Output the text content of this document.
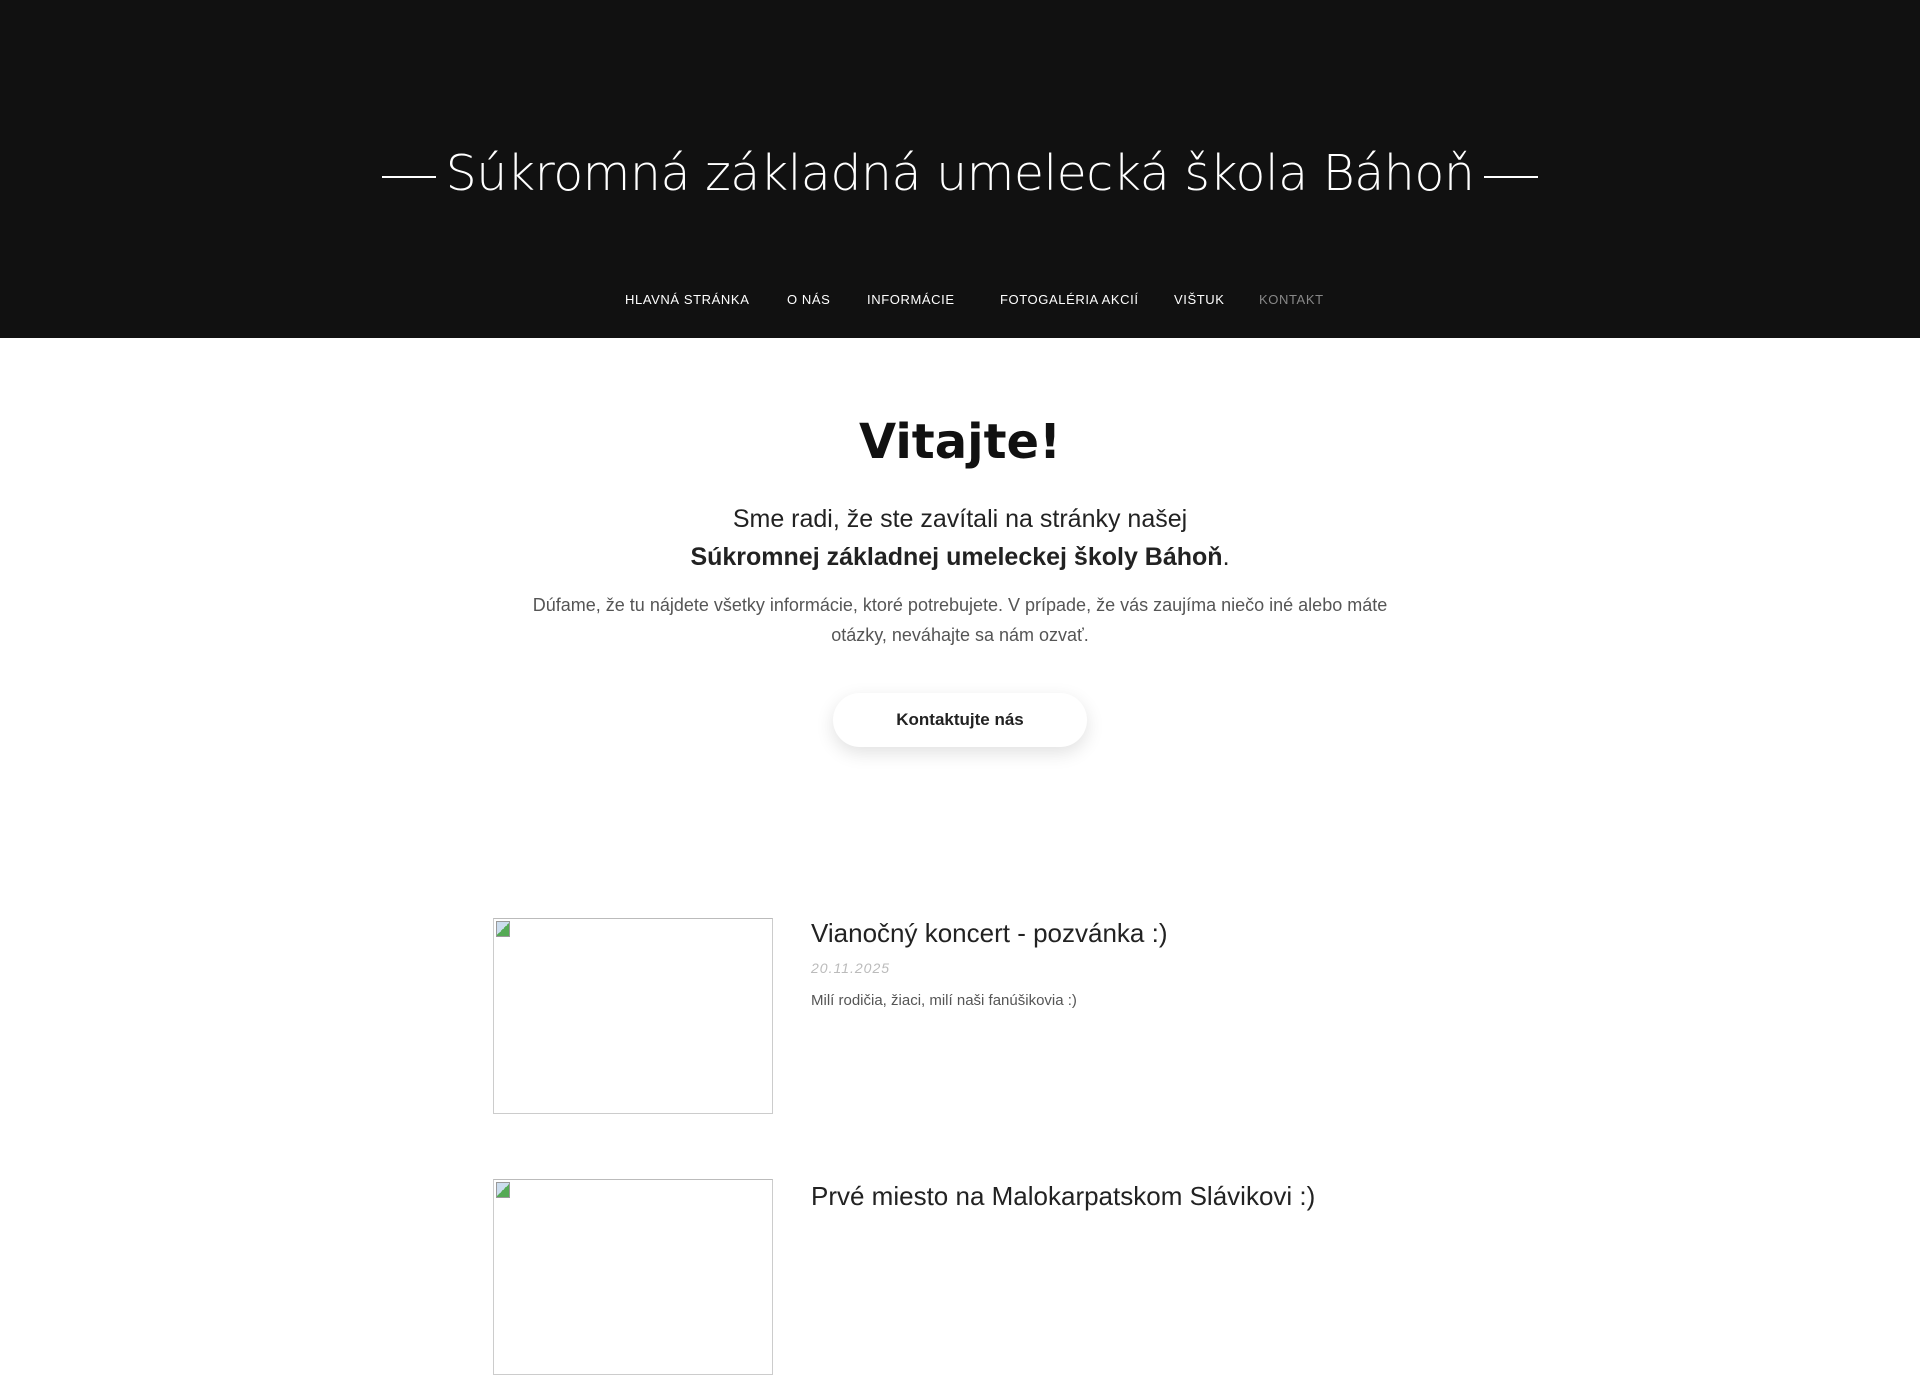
Súkromná základná umelecká škola Báhoň
HLAVNÁ STRÁNKA	O NÁS	INFORMÁCIE	FOTOGALÉRIA AKCIÍ	VIŠTUK	KONTAKT
Vitajte!
Sme radi, že ste zavítali na stránky našej
Súkromnej základnej umeleckej školy Báhoň.

Dúfame, že tu nájdete všetky informácie, ktoré potrebujete. V prípade, že vás zaujíma niečo iné alebo máte otázky, neváhajte sa nám ozvať.

Kontaktujte nás
Vianočný koncert - pozvánka :)
20.11.2025
Milí rodičia, žiaci, milí naši fanúšikovia :)
Prvé miesto na Malokarpatskom Slávikovi :)
